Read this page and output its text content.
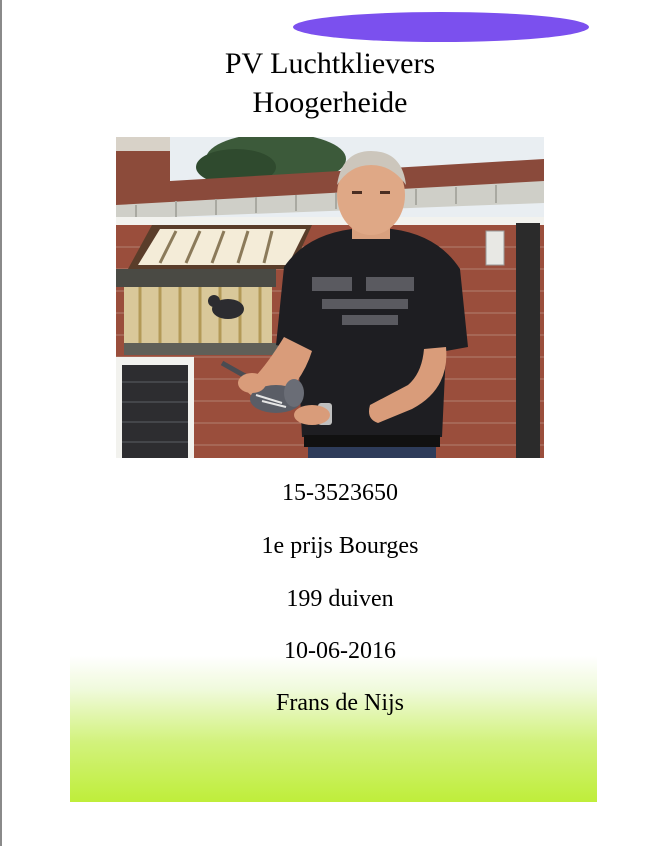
PV Luchtklievers
Hoogerheide
15-3523650
1e prijs Bourges
199 duiven
10-06-2016
Frans de Nijs
